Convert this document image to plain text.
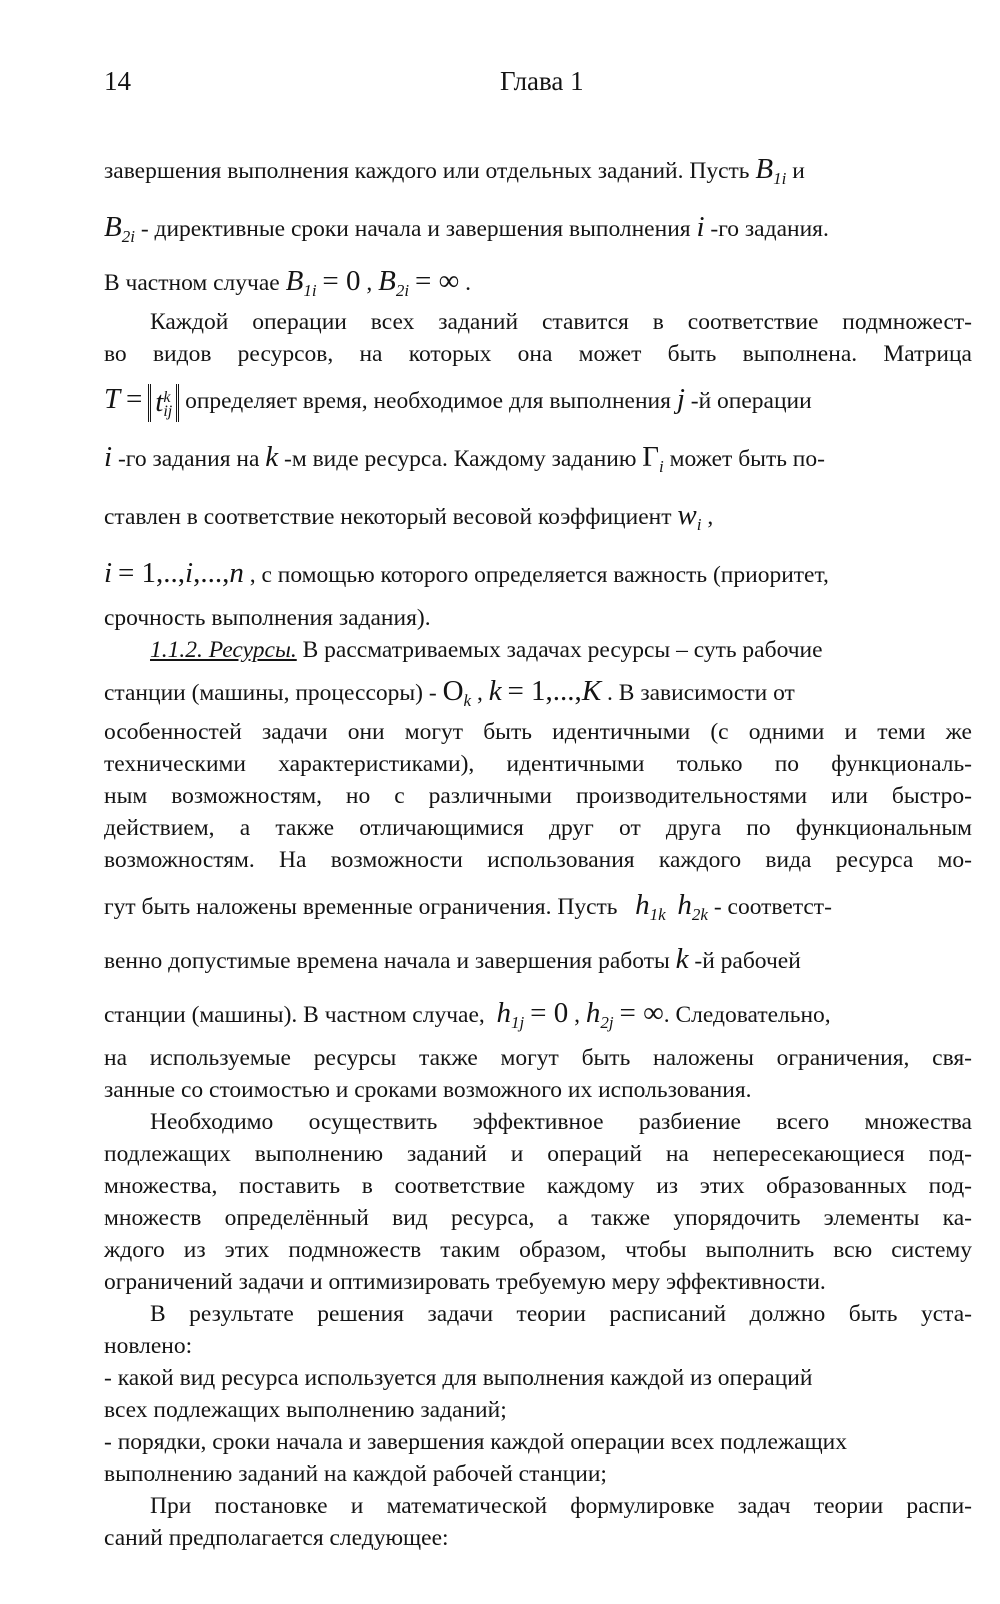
14	Глава 1
завершения выполнения каждого или отдельных заданий. Пусть $B_{1i}$ и
$B_{2i}$ - директивные сроки начала и завершения выполнения i -го задания.
В частном случае $B_{1i} = 0$ , $B_{2i}$ = ∞ .
Каждой операции всех заданий ставится в соответствие подмножест-
во видов ресурсов, на которых она может быть выполнена. Матрица
T = t k
ij определяет время, необходимое для выполнения j -й операции
i -го задания на k -м виде ресурса. Каждому заданию $\Gamma_i$ может быть по-
ставлен в соответствие некоторый весовой коэффициент $w_i$ ,
i = 1,..,i,...,n , с помощью которого определяется важность (приоритет,
срочность выполнения задания).
1.1.2. Ресурсы. В рассматриваемых задачах ресурсы – суть рабочие
станции (машины, процессоры) - $O_k$ , k = 1,...,K . В зависимости от
особенностей задачи они могут быть идентичными (с одними и теми же
техническими характеристиками), идентичными только по функциональ-
ным возможностям, но с различными производительностями или быстро-
действием, а также отличающимися друг от друга по функциональным
возможностям. На возможности использования каждого вида ресурса мо-
гут быть наложены временные ограничения. Пусть $h_{1k}$ $h_{2k}$ - соответст-
венно допустимые времена начала и завершения работы k -й рабочей
станции (машины). В частном случае, $h_{1j} = 0$ , $h_{2j}$ = ∞. Следовательно,
на используемые ресурсы также могут быть наложены ограничения, свя-
занные со стоимостью и сроками возможного их использования.
Необходимо осуществить эффективное разбиение всего множества
подлежащих выполнению заданий и операций на непересекающиеся под-
множества, поставить в соответствие каждому из этих образованных под-
множеств определённый вид ресурса, а также упорядочить элементы ка-
ждого из этих подмножеств таким образом, чтобы выполнить всю систему
ограничений задачи и оптимизировать требуемую меру эффективности.
В результате решения задачи теории расписаний должно быть уста-
новлено:
- какой вид ресурса используется для выполнения каждой из операций
всех подлежащих выполнению заданий;
- порядки, сроки начала и завершения каждой операции всех подлежащих
выполнению заданий на каждой рабочей станции;
При постановке и математической формулировке задач теории распи-
саний предполагается следующее:
